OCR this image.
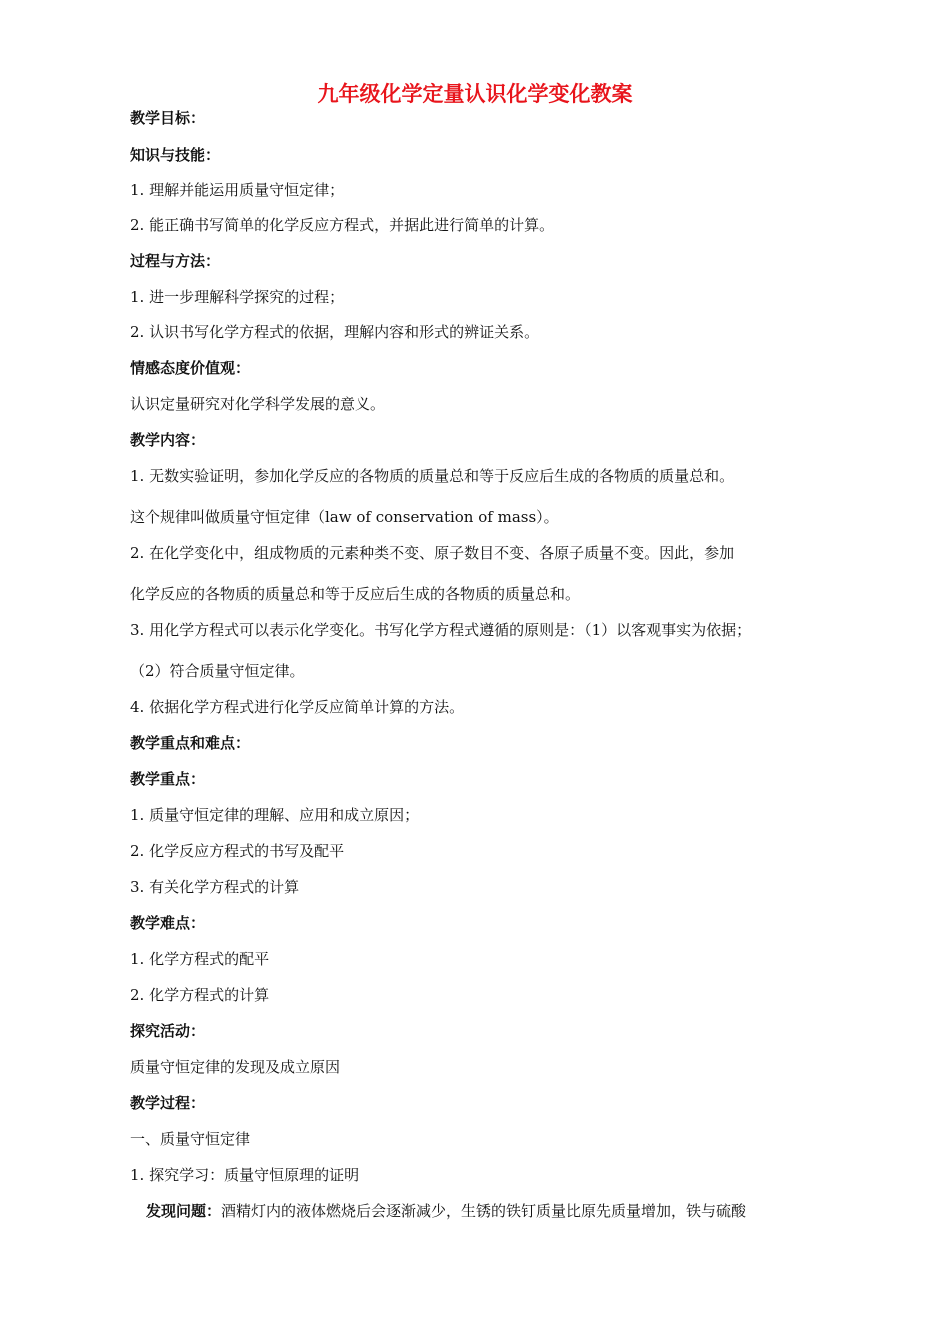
九年级化学定量认识化学变化教案
教学目标：
知识与技能：
1. 理解并能运用质量守恒定律；
2. 能正确书写简单的化学反应方程式，并据此进行简单的计算。
过程与方法：
1. 进一步理解科学探究的过程；
2. 认识书写化学方程式的依据，理解内容和形式的辨证关系。
情感态度价值观：
认识定量研究对化学科学发展的意义。
教学内容：
1. 无数实验证明，参加化学反应的各物质的质量总和等于反应后生成的各物质的质量总和。
这个规律叫做质量守恒定律（law of conservation of mass）。
2. 在化学变化中，组成物质的元素种类不变、原子数目不变、各原子质量不变。因此，参加
化学反应的各物质的质量总和等于反应后生成的各物质的质量总和。
3. 用化学方程式可以表示化学变化。书写化学方程式遵循的原则是：（1）以客观事实为依据；
（2）符合质量守恒定律。
4. 依据化学方程式进行化学反应简单计算的方法。
教学重点和难点：
教学重点：
1. 质量守恒定律的理解、应用和成立原因；
2. 化学反应方程式的书写及配平
3. 有关化学方程式的计算
教学难点：
1. 化学方程式的配平
2. 化学方程式的计算
探究活动：
质量守恒定律的发现及成立原因
教学过程：
一、质量守恒定律
1. 探究学习：质量守恒原理的证明
发现问题：酒精灯内的液体燃烧后会逐渐减少，生锈的铁钉质量比原先质量增加，铁与硫酸
